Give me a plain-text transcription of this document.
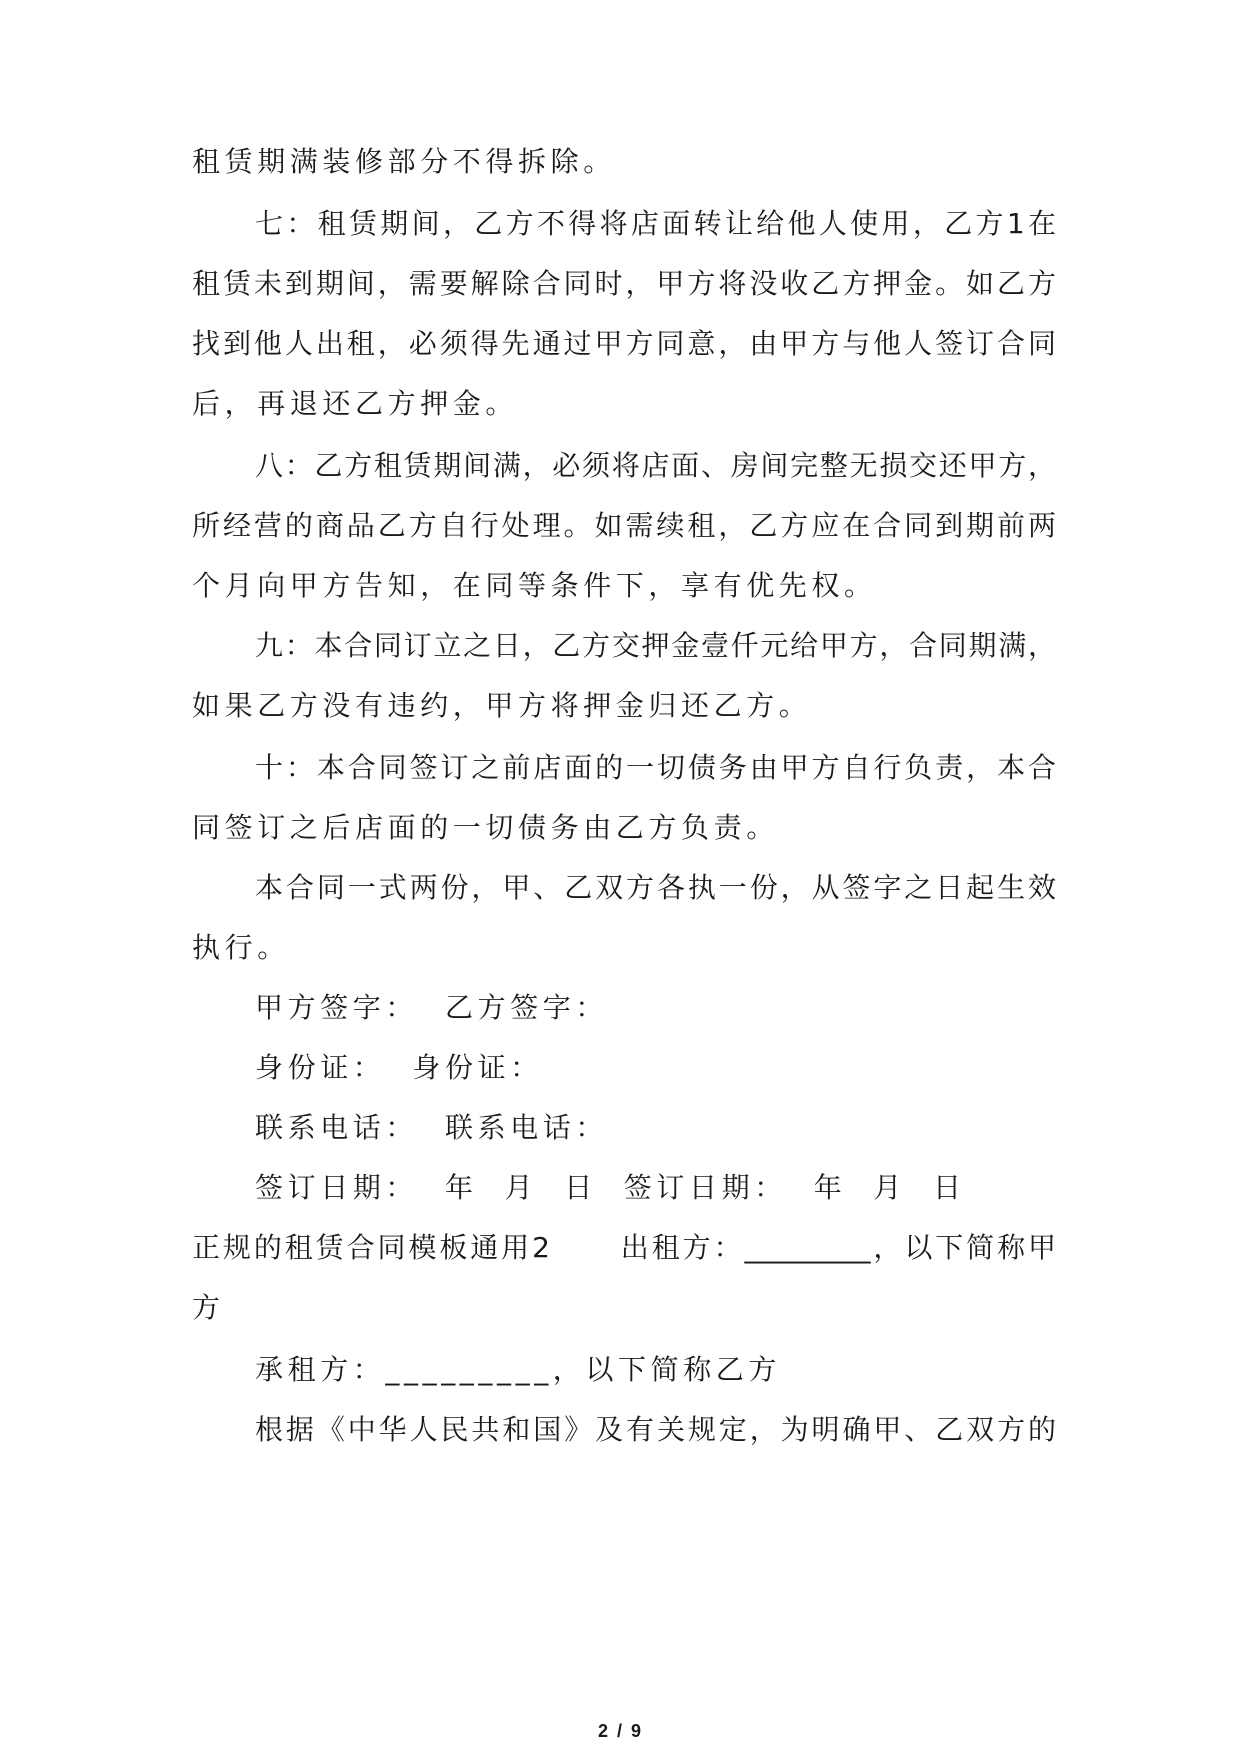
租赁期满装修部分不得拆除。
七：租赁期间，乙方不得将店面转让给他人使用，乙方1在
租赁未到期间，需要解除合同时，甲方将没收乙方押金。如乙方
找到他人出租，必须得先通过甲方同意，由甲方与他人签订合同
后，再退还乙方押金。
八：乙方租赁期间满，必须将店面、房间完整无损交还甲方，
所经营的商品乙方自行处理。如需续租，乙方应在合同到期前两
个月向甲方告知，在同等条件下，享有优先权。
九：本合同订立之日，乙方交押金壹仟元给甲方，合同期满，
如果乙方没有违约，甲方将押金归还乙方。
十：本合同签订之前店面的一切债务由甲方自行负责，本合
同签订之后店面的一切债务由乙方负责。
本合同一式两份，甲、乙双方各执一份，从签字之日起生效
执行。
甲方签字：  乙方签字：
身份证：  身份证：
联系电话：  联系电话：
签订日期：  年  月  日  签订日期：  年  月  日
正规的租赁合同模板通用2      出租方：_________，以下简称甲
方
承租方：_________，以下简称乙方
根据《中华人民共和国》及有关规定，为明确甲、乙双方的
2 / 9
